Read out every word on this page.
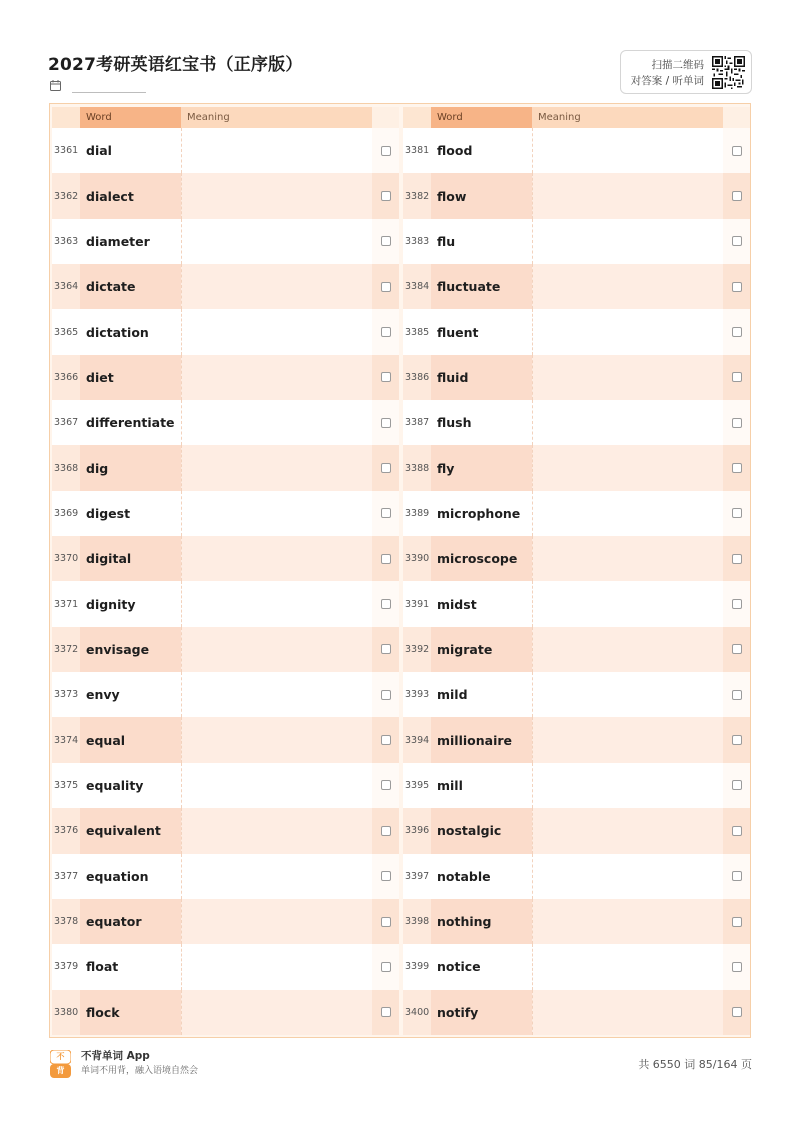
2027考研英语红宝书（正序版）	扫描二维码
对答案 / 听单词
Word	Meaning
3361 dial
3362 dialect
3363 diameter
3364 dictate
3365 dictation
3366 diet
3367 differentiate
3368 dig
3369 digest
3370 digital
3371 dignity
3372 envisage
3373 envy
3374 equal
3375 equality
3376 equivalent
3377 equation
3378 equator
3379 float
3380 flock
Word	Meaning
3381 flood
3382 flow
3383 flu
3384 fluctuate
3385 fluent
3386 fluid
3387 flush
3388 fly
3389 microphone
3390 microscope
3391 midst
3392 migrate
3393 mild
3394 millionaire
3395 mill
3396 nostalgic
3397 notable
3398 nothing
3399 notice
3400 notify
不
背
不背单词 App
单词不用背，融入语境自然会	共 6550 词 85/164 页
